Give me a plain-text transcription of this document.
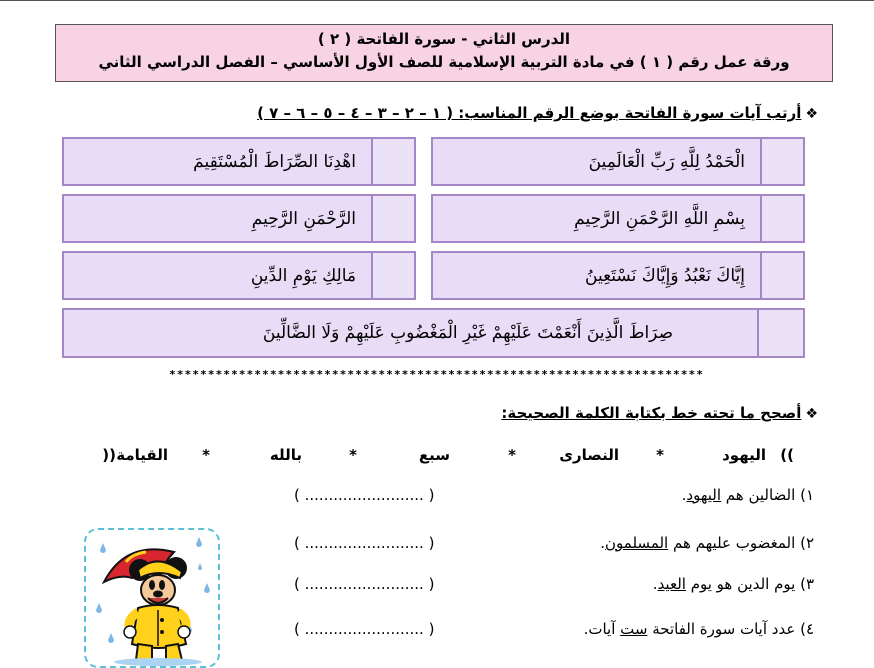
الدرس الثاني - سورة الفاتحة ( ٢ )
ورقة عمل رقم ( ١ ) في مادة التربية الإسلامية للصف الأول الأساسي – الفصل الدراسي الثاني
❖أرتب آيات سورة الفاتحة بوضع الرقم المناسب: ( ١ – ٢ – ٣ – ٤ – ٥ – ٦ – ٧ )
الْحَمْدُ لِلَّهِ رَبِّ الْعَالَمِينَ
اهْدِنَا الصِّرَاطَ الْمُسْتَقِيمَ
بِسْمِ اللَّهِ الرَّحْمَنِ الرَّحِيمِ
الرَّحْمَنِ الرَّحِيمِ
إِيَّاكَ نَعْبُدُ وَإِيَّاكَ نَسْتَعِينُ
مَالِكِ يَوْمِ الدِّينِ
صِرَاطَ الَّذِينَ أَنْعَمْتَ عَلَيْهِمْ غَيْرِ الْمَغْضُوبِ عَلَيْهِمْ وَلَا الضَّالِّينَ
*********************************************************************
❖أصحح ما تحته خط بكتابة الكلمة الصحيحة:
((
اليهود
*
النصارى
*
سبع
*
بالله
*
القيامة
))
١) الضالين هم اليهود.
( ......................... )
٢) المغضوب عليهم هم المسلمون.
( ......................... )
٣) يوم الدين هو يوم العيد.
( ......................... )
٤) عدد آيات سورة الفاتحة ست آيات.
( ......................... )
